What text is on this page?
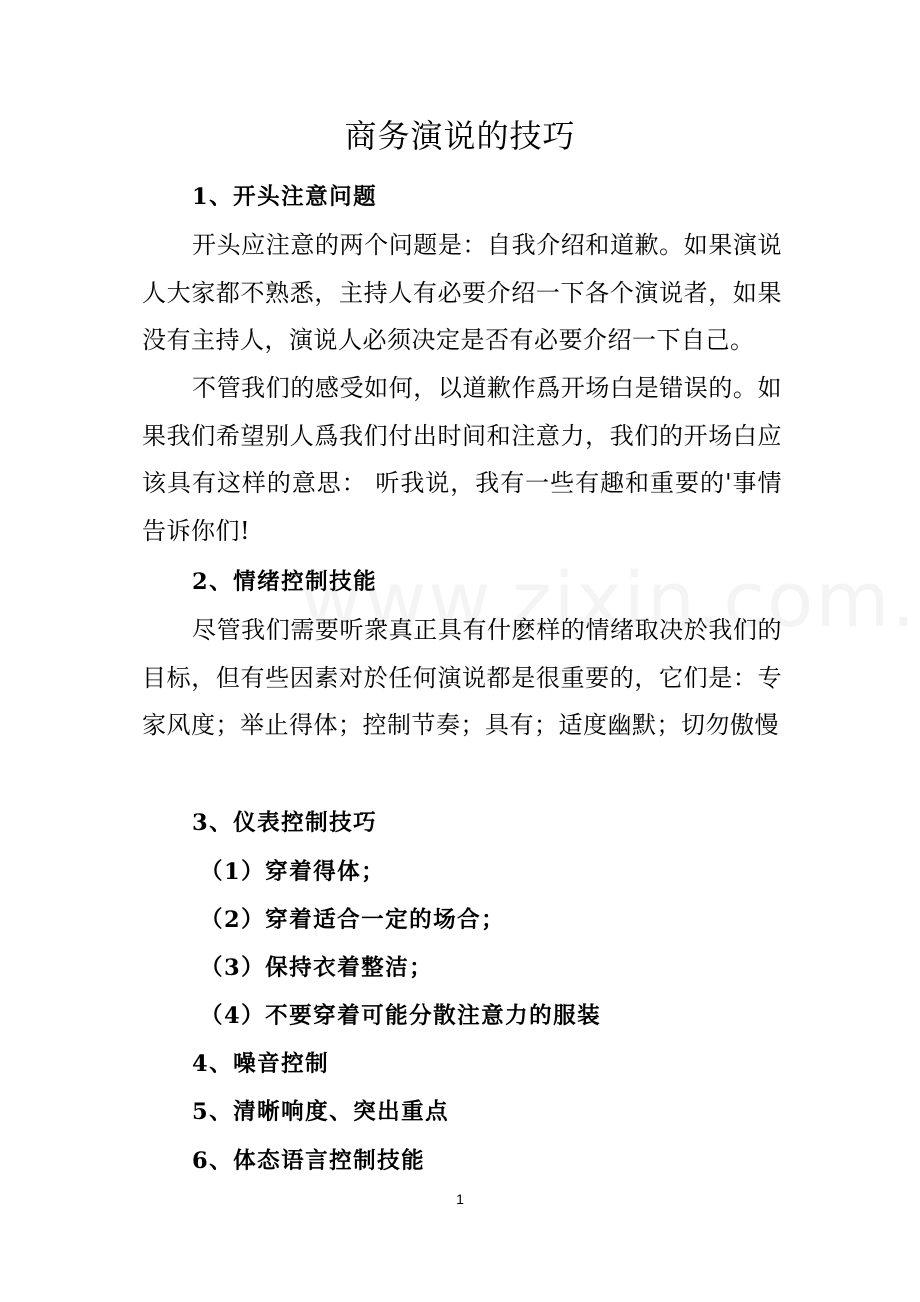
商务演说的技巧
1、开头注意问题

开头应注意的两个问题是：自我介绍和道歉。如果演说人大家都不熟悉，主持人有必要介绍一下各个演说者，如果没有主持人，演说人必须决定是否有必要介绍一下自己。

不管我们的感受如何，以道歉作爲开场白是错误的。如果我们希望别人爲我们付出时间和注意力，我们的开场白应该具有这样的意思： 听我说，我有一些有趣和重要的'事情告诉你们!

2、情绪控制技能

尽管我们需要听衆真正具有什麽样的情绪取决於我们的目标，但有些因素对於任何演说都是很重要的，它们是：专家风度；举止得体；控制节奏；具有；适度幽默；切勿傲慢

3、仪表控制技巧
（1）穿着得体；
（2）穿着适合一定的场合；
（3）保持衣着整洁；
（4）不要穿着可能分散注意力的服装
4、噪音控制
5、清晰响度、突出重点
6、体态语言控制技能
1
